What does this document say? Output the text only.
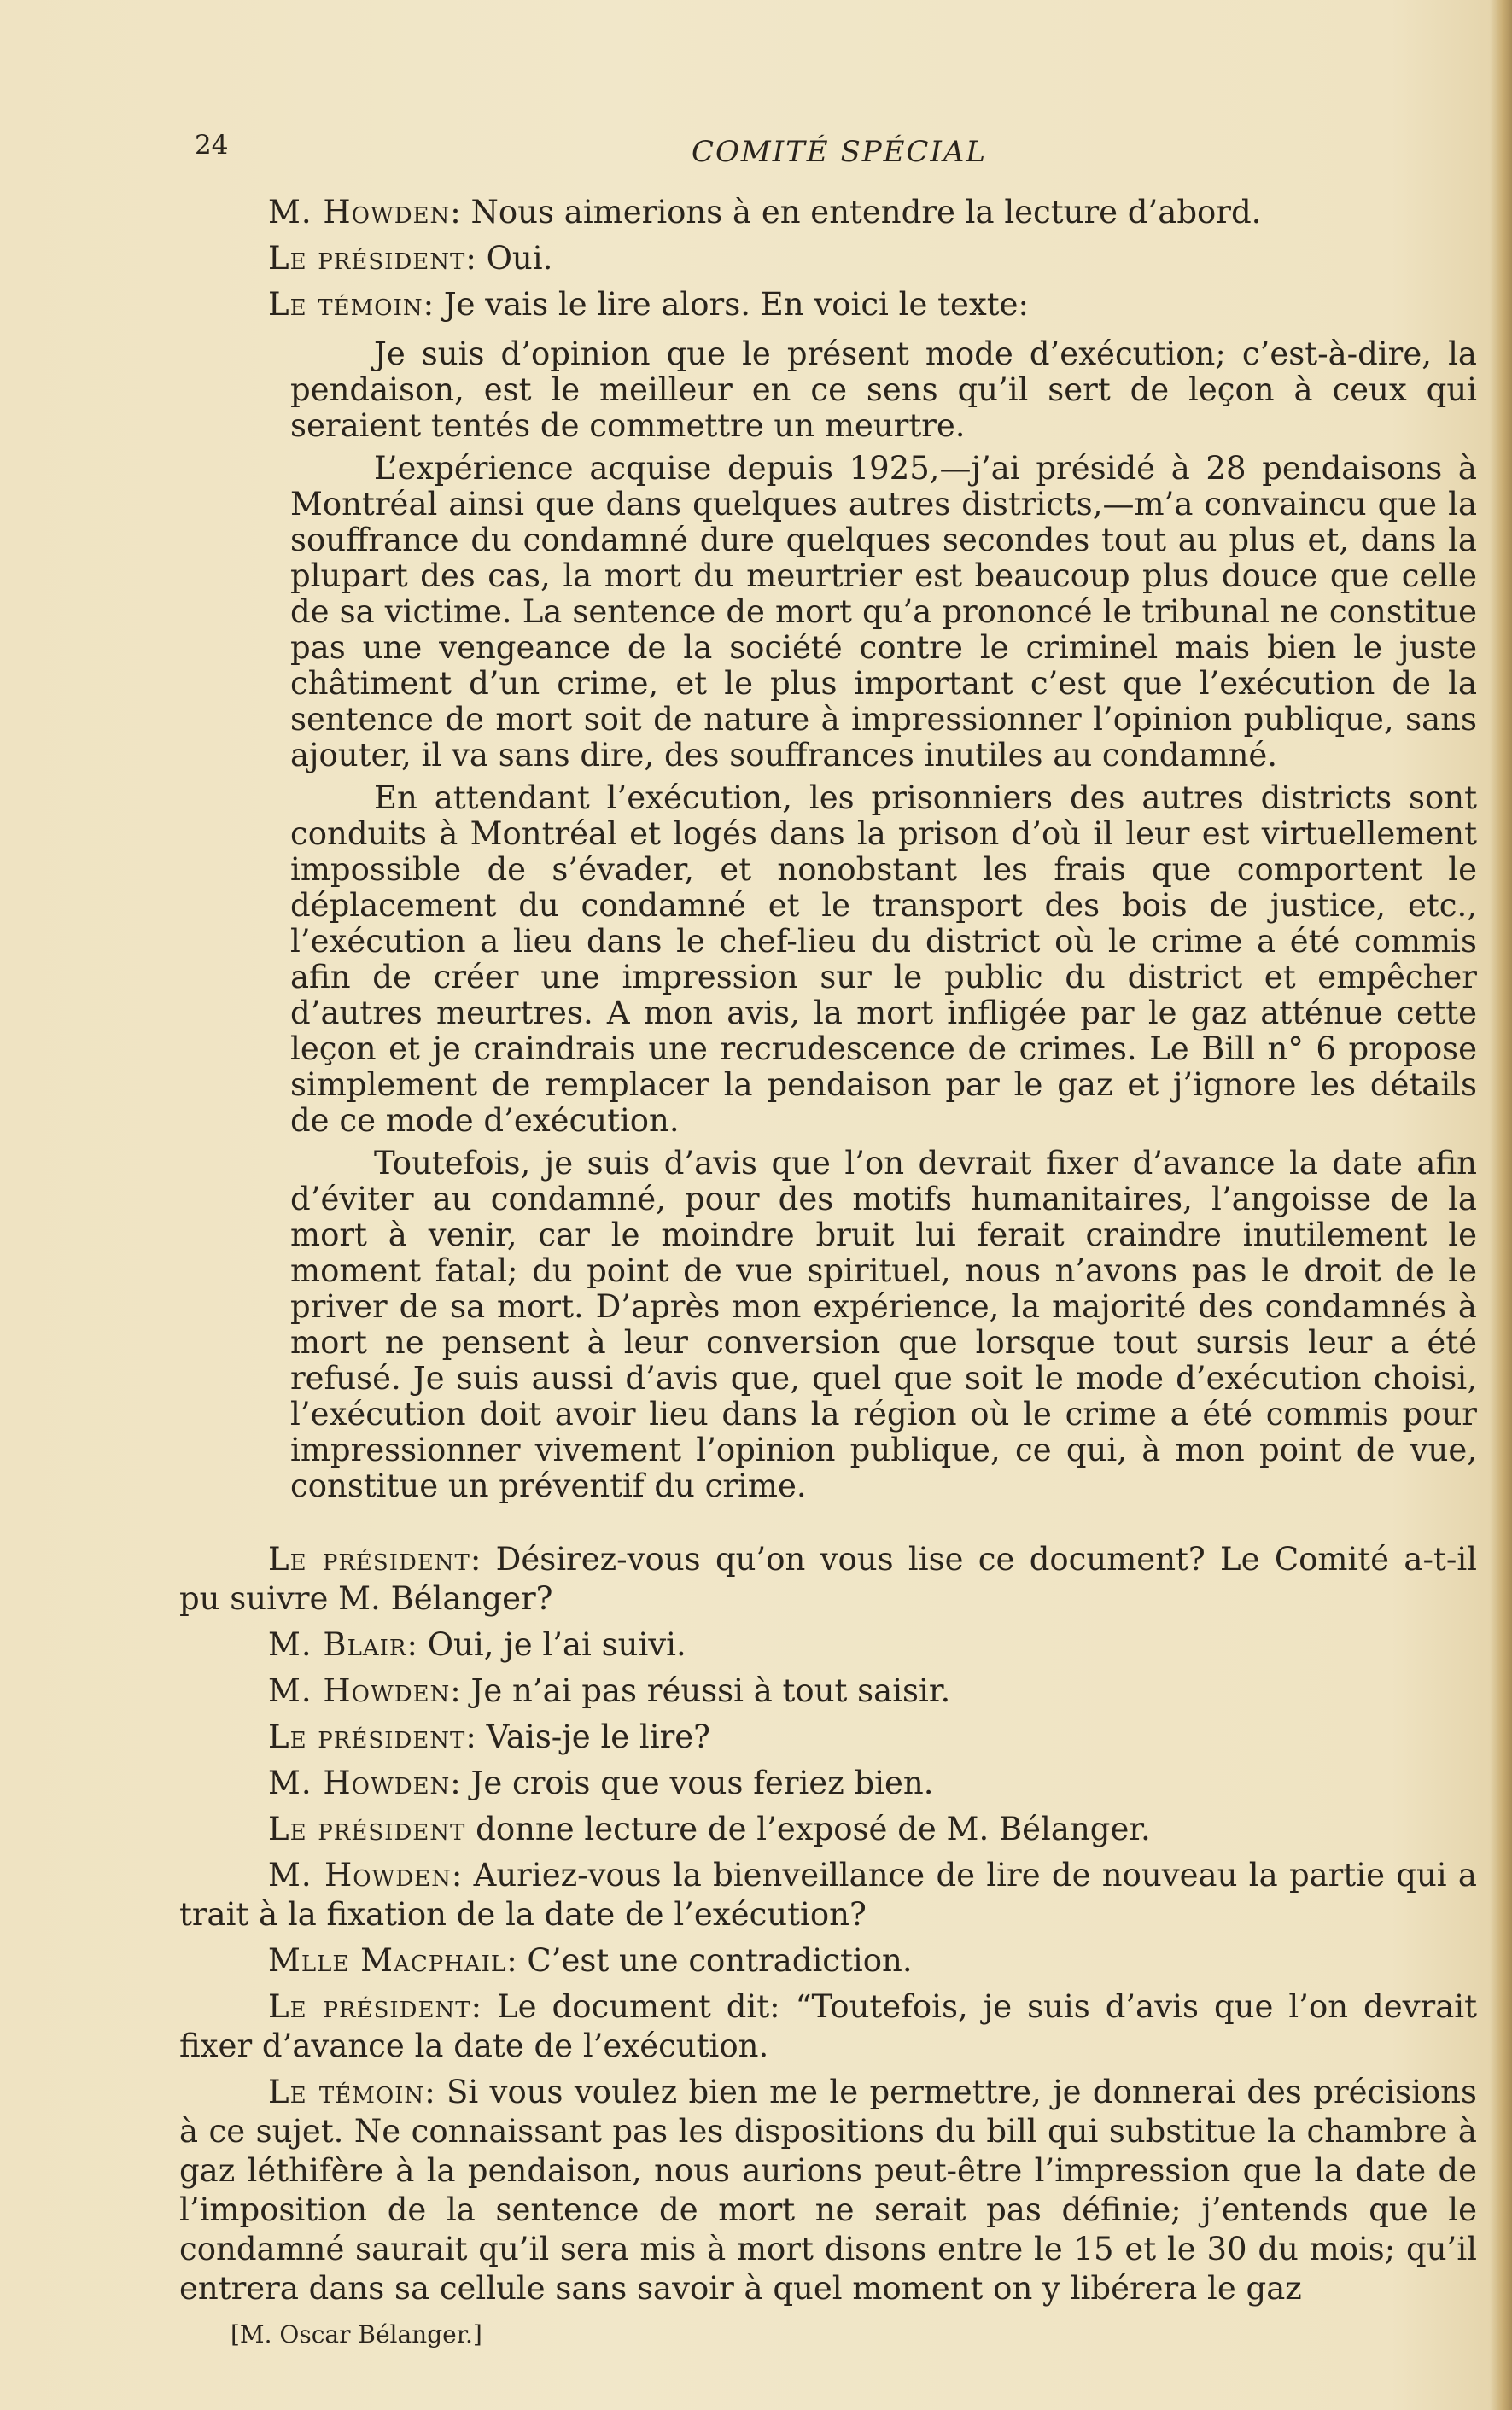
24	COMITÉ SPÉCIAL

M. Howden: Nous aimerions à en entendre la lecture d’abord.

Le président: Oui.

Le témoin: Je vais le lire alors. En voici le texte:

Je suis d’opinion que le présent mode d’exécution; c’est-à-dire, la pendaison, est le meilleur en ce sens qu’il sert de leçon à ceux qui seraient tentés de commettre un meurtre.

L’expérience acquise depuis 1925,—j’ai présidé à 28 pendaisons à Montréal ainsi que dans quelques autres districts,—m’a convaincu que la souffrance du condamné dure quelques secondes tout au plus et, dans la plupart des cas, la mort du meurtrier est beaucoup plus douce que celle de sa victime. La sentence de mort qu’a prononcé le tribunal ne constitue pas une vengeance de la société contre le criminel mais bien le juste châtiment d’un crime, et le plus important c’est que l’exécution de la sentence de mort soit de nature à impressionner l’opinion publique, sans ajouter, il va sans dire, des souffrances inutiles au condamné.

En attendant l’exécution, les prisonniers des autres districts sont conduits à Montréal et logés dans la prison d’où il leur est virtuellement impossible de s’évader, et nonobstant les frais que comportent le déplacement du condamné et le transport des bois de justice, etc., l’exécution a lieu dans le chef-lieu du district où le crime a été commis afin de créer une impression sur le public du district et empêcher d’autres meurtres. A mon avis, la mort infligée par le gaz atténue cette leçon et je craindrais une recrudescence de crimes. Le Bill n° 6 propose simplement de remplacer la pendaison par le gaz et j’ignore les détails de ce mode d’exécution.

Toutefois, je suis d’avis que l’on devrait fixer d’avance la date afin d’éviter au condamné, pour des motifs humanitaires, l’angoisse de la mort à venir, car le moindre bruit lui ferait craindre inutilement le moment fatal; du point de vue spirituel, nous n’avons pas le droit de le priver de sa mort. D’après mon expérience, la majorité des condamnés à mort ne pensent à leur conversion que lorsque tout sursis leur a été refusé. Je suis aussi d’avis que, quel que soit le mode d’exécution choisi, l’exécution doit avoir lieu dans la région où le crime a été commis pour impressionner vivement l’opinion publique, ce qui, à mon point de vue, constitue un préventif du crime.

Le président: Désirez-vous qu’on vous lise ce document? Le Comité a-t-il pu suivre M. Bélanger?

M. Blair: Oui, je l’ai suivi.

M. Howden: Je n’ai pas réussi à tout saisir.

Le président: Vais-je le lire?

M. Howden: Je crois que vous feriez bien.

Le président donne lecture de l’exposé de M. Bélanger.

M. Howden: Auriez-vous la bienveillance de lire de nouveau la partie qui a trait à la fixation de la date de l’exécution?

Mlle Macphail: C’est une contradiction.

Le président: Le document dit: “Toutefois, je suis d’avis que l’on devrait fixer d’avance la date de l’exécution.

Le témoin: Si vous voulez bien me le permettre, je donnerai des précisions à ce sujet. Ne connaissant pas les dispositions du bill qui substitue la chambre à gaz léthifère à la pendaison, nous aurions peut-être l’impression que la date de l’imposition de la sentence de mort ne serait pas définie; j’entends que le condamné saurait qu’il sera mis à mort disons entre le 15 et le 30 du mois; qu’il entrera dans sa cellule sans savoir à quel moment on y libérera le gaz

[M. Oscar Bélanger.]
